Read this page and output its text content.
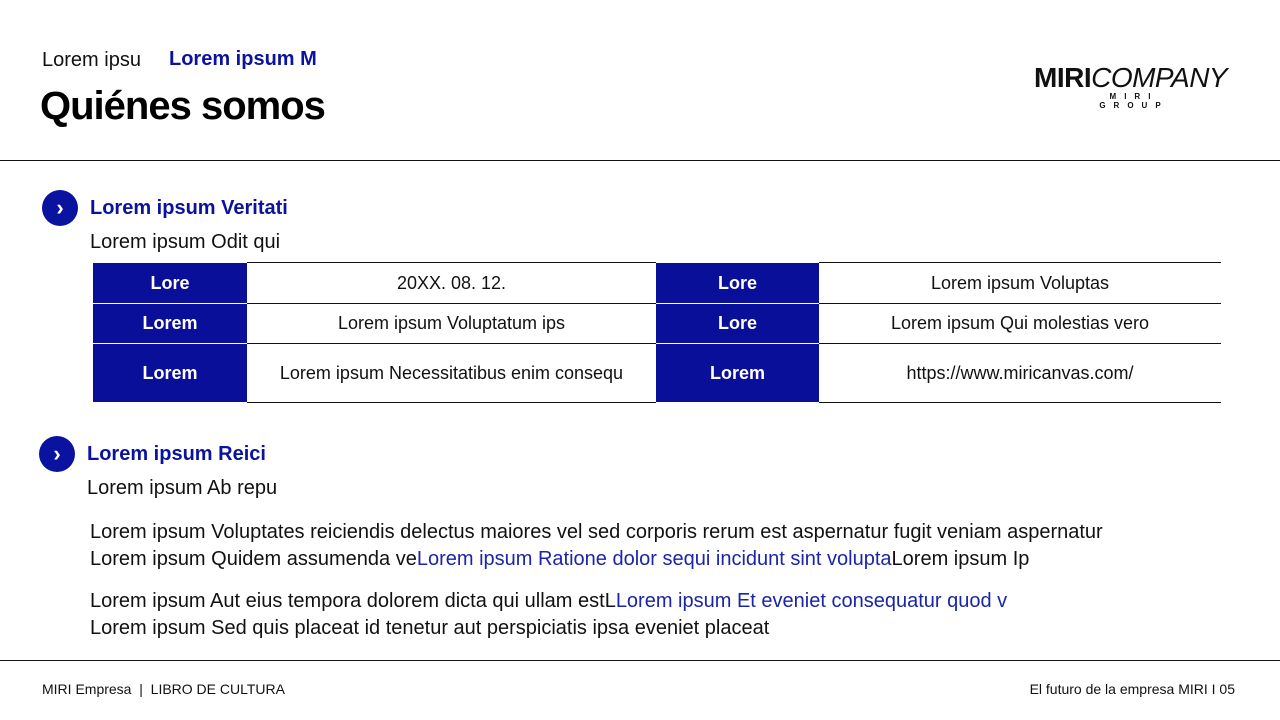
Lorem ipsu Lorem ipsum M
Quiénes somos
MIRICOMPANY
MIRI GROUP
›	Lorem ipsum Veritati
Lorem ipsum Odit qui
Lore	20XX. 08. 12.	Lore	Lorem ipsum Voluptas
Lorem	Lorem ipsum Voluptatum ips	Lore	Lorem ipsum Qui molestias vero
Lorem	Lorem ipsum Necessitatibus enim consequ	Lorem	https://www.miricanvas.com/
›	Lorem ipsum Reici
Lorem ipsum Ab repu
Lorem ipsum Voluptates reiciendis delectus maiores vel sed corporis rerum est aspernatur fugit veniam aspernatur
Lorem ipsum Quidem assumenda veLorem ipsum Ratione dolor sequi incidunt sint voluptaLorem ipsum Ip
Lorem ipsum Aut eius tempora dolorem dicta qui ullam estLLorem ipsum Et eveniet consequatur quod v
Lorem ipsum Sed quis placeat id tenetur aut perspiciatis ipsa eveniet placeat
MIRI Empresa  |  LIBRO DE CULTURA	El futuro de la empresa MIRI I 05
